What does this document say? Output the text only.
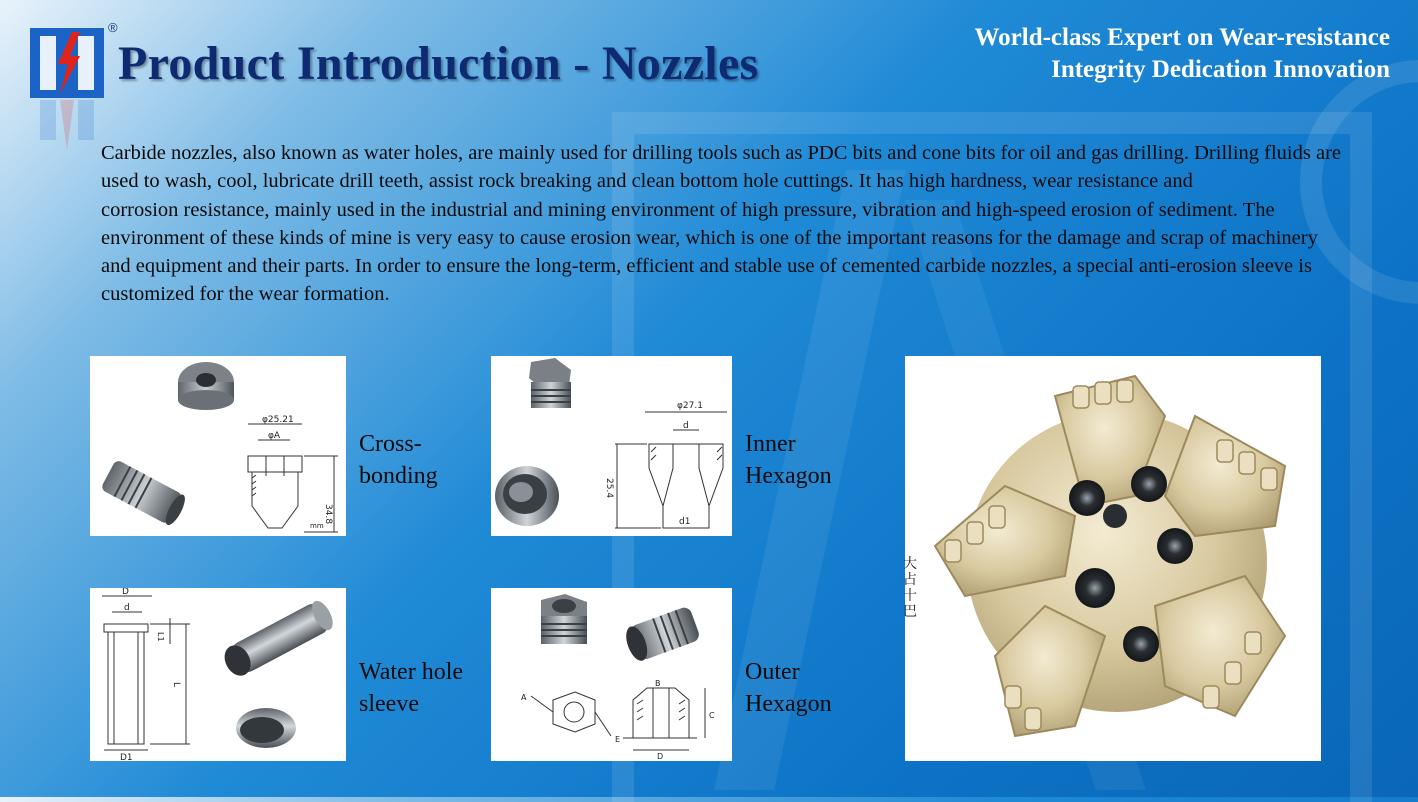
®
Product Introduction - Nozzles	World-class Expert on Wear-resistance
Integrity Dedication Innovation

Carbide nozzles, also known as water holes, are mainly used for drilling tools such as PDC bits and cone bits for oil and gas drilling. Drilling fluids are used to wash, cool, lubricate drill teeth, assist rock breaking and clean bottom hole cuttings. It has high hardness, wear resistance and

corrosion resistance, mainly used in the industrial and mining environment of high pressure, vibration and high-speed erosion of sediment. The environment of these kinds of mine is very easy to cause erosion wear, which is one of the important reasons for the damage and scrap of machinery and equipment and their parts. In order to ensure the long-term, efficient and stable use of cemented carbide nozzles, a special anti-erosion sleeve is customized for the wear formation.

φ25.21
φA
34.8
mm
Cross-
bonding
φ27.1
d
25.4
d1
Inner
Hexagon
D
d
L1
L
D1
Water hole
sleeve	A
B
C
D
E
Outer
Hexagon
大
占
十
巴
